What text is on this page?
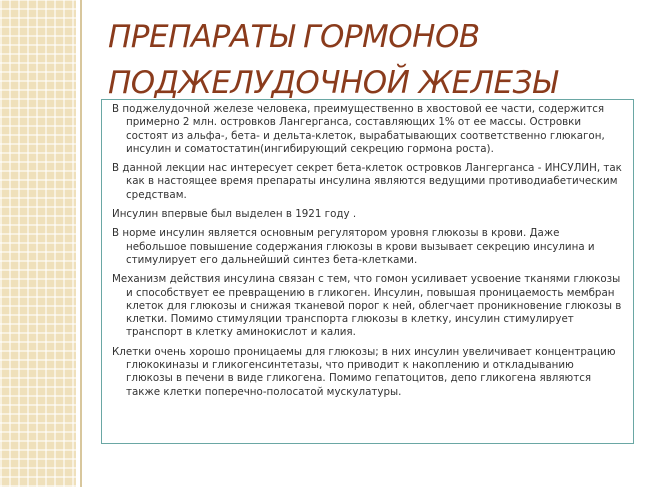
ПРЕПАРАТЫ ГОРМОНОВ
ПОДЖЕЛУДОЧНОЙ ЖЕЛЕЗЫ

В поджелудочной железе человека, преимущественно в хвостовой ее части, содержится примерно 2 млн. островков Лангерганса, составляющих 1% от ее массы. Островки состоят из альфа-, бета- и дельта-клеток, вырабатывающих соответственно глюкагон, инсулин и соматостатин(ингибирующий секрецию гормона роста).

В данной лекции нас интересует секрет бета-клеток островков Лангерганса - ИНСУЛИН, так как в настоящее время препараты инсулина являются ведущими противодиабетическим средствам.

Инсулин впервые был выделен в 1921 году .

В норме инсулин является основным регулятором уровня глюкозы в крови. Даже небольшое повышение содержания глюкозы в крови вызывает секрецию инсулина и стимулирует его дальнейший синтез бета-клетками.

Механизм действия инсулина связан с тем, что гомон усиливает усвоение тканями глюкозы и способствует ее превращению в гликоген. Инсулин, повышая проницаемость мембран клеток для глюкозы и снижая тканевой порог к ней, облегчает проникновение глюкозы в клетки. Помимо стимуляции транспорта глюкозы в клетку, инсулин стимулирует транспорт в клетку аминокислот и калия.

Клетки очень хорошо проницаемы для глюкозы; в них инсулин увеличивает концентрацию глюкокиназы и гликогенсинтетазы, что приводит к накоплению и откладыванию глюкозы в печени в виде гликогена. Помимо гепатоцитов, депо гликогена являются также клетки поперечно-полосатой мускулатуры.
